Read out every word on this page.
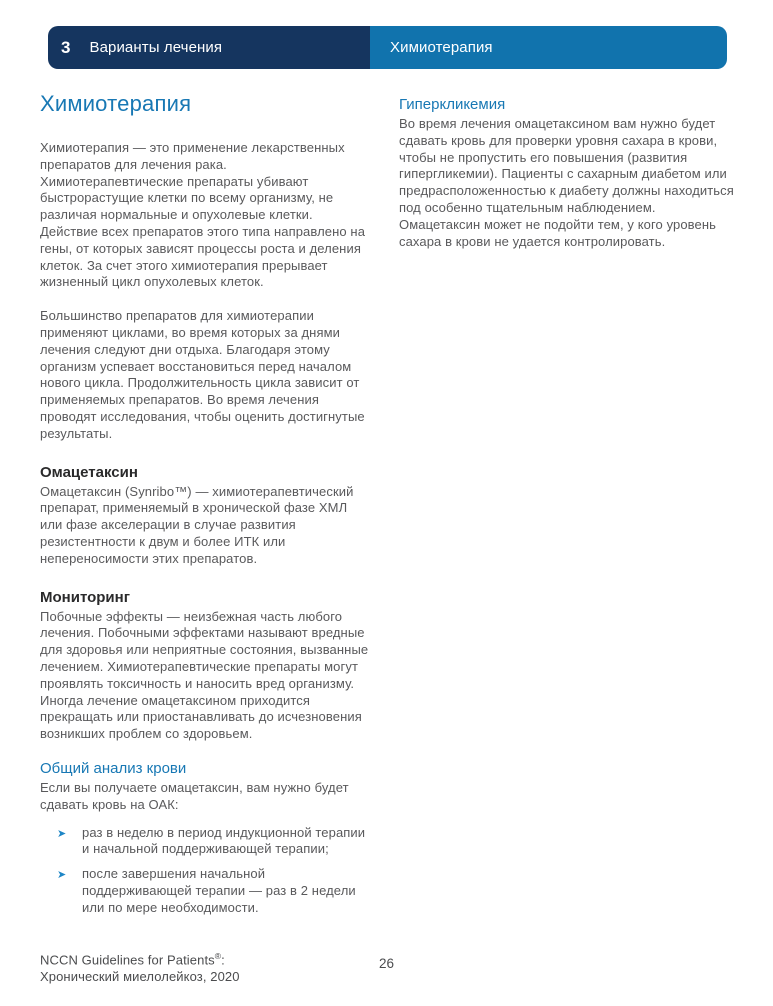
3 Варианты лечения	Химиотерапия
Химиотерапия

Химиотерапия — это применение лекарственных препаратов для лечения рака. Химиотерапевтические препараты убивают быстрорастущие клетки по всему организму, не различая нормальные и опухолевые клетки. Действие всех препаратов этого типа направлено на гены, от которых зависят процессы роста и деления клеток. За счет этого химиотерапия прерывает жизненный цикл опухолевых клеток.

Большинство препаратов для химиотерапии применяют циклами, во время которых за днями лечения следуют дни отдыха. Благодаря этому организм успевает восстановиться перед началом нового цикла. Продолжительность цикла зависит от применяемых препаратов. Во время лечения проводят исследования, чтобы оценить достигнутые результаты.

Омацетаксин

Омацетаксин (Synribo™) — химиотерапевтический препарат, применяемый в хронической фазе ХМЛ или фазе акселерации в случае развития резистентности к двум и более ИТК или непереносимости этих препаратов.

Мониторинг

Побочные эффекты — неизбежная часть любого лечения. Побочными эффектами называют вредные для здоровья или неприятные состояния, вызванные лечением. Химиотерапевтические препараты могут проявлять токсичность и наносить вред организму. Иногда лечение омацетаксином приходится прекращать или приостанавливать до исчезновения возникших проблем со здоровьем.

Общий анализ крови

Если вы получаете омацетаксин, вам нужно будет сдавать кровь на ОАК:

➤ раз в неделю в период индукционной терапии и начальной поддерживающей терапии;
➤ после завершения начальной поддерживающей терапии — раз в 2 недели или по мере необходимости.
Гиперкликемия

Во время лечения омацетаксином вам нужно будет сдавать кровь для проверки уровня сахара в крови, чтобы не пропустить его повышения (развития гипергликемии). Пациенты с сахарным диабетом или предрасположенностью к диабету должны находиться под особенно тщательным наблюдением. Омацетаксин может не подойти тем, у кого уровень сахара в крови не удается контролировать.

NCCN Guidelines for Patients®:
Хронический миелолейкоз, 2020
26
